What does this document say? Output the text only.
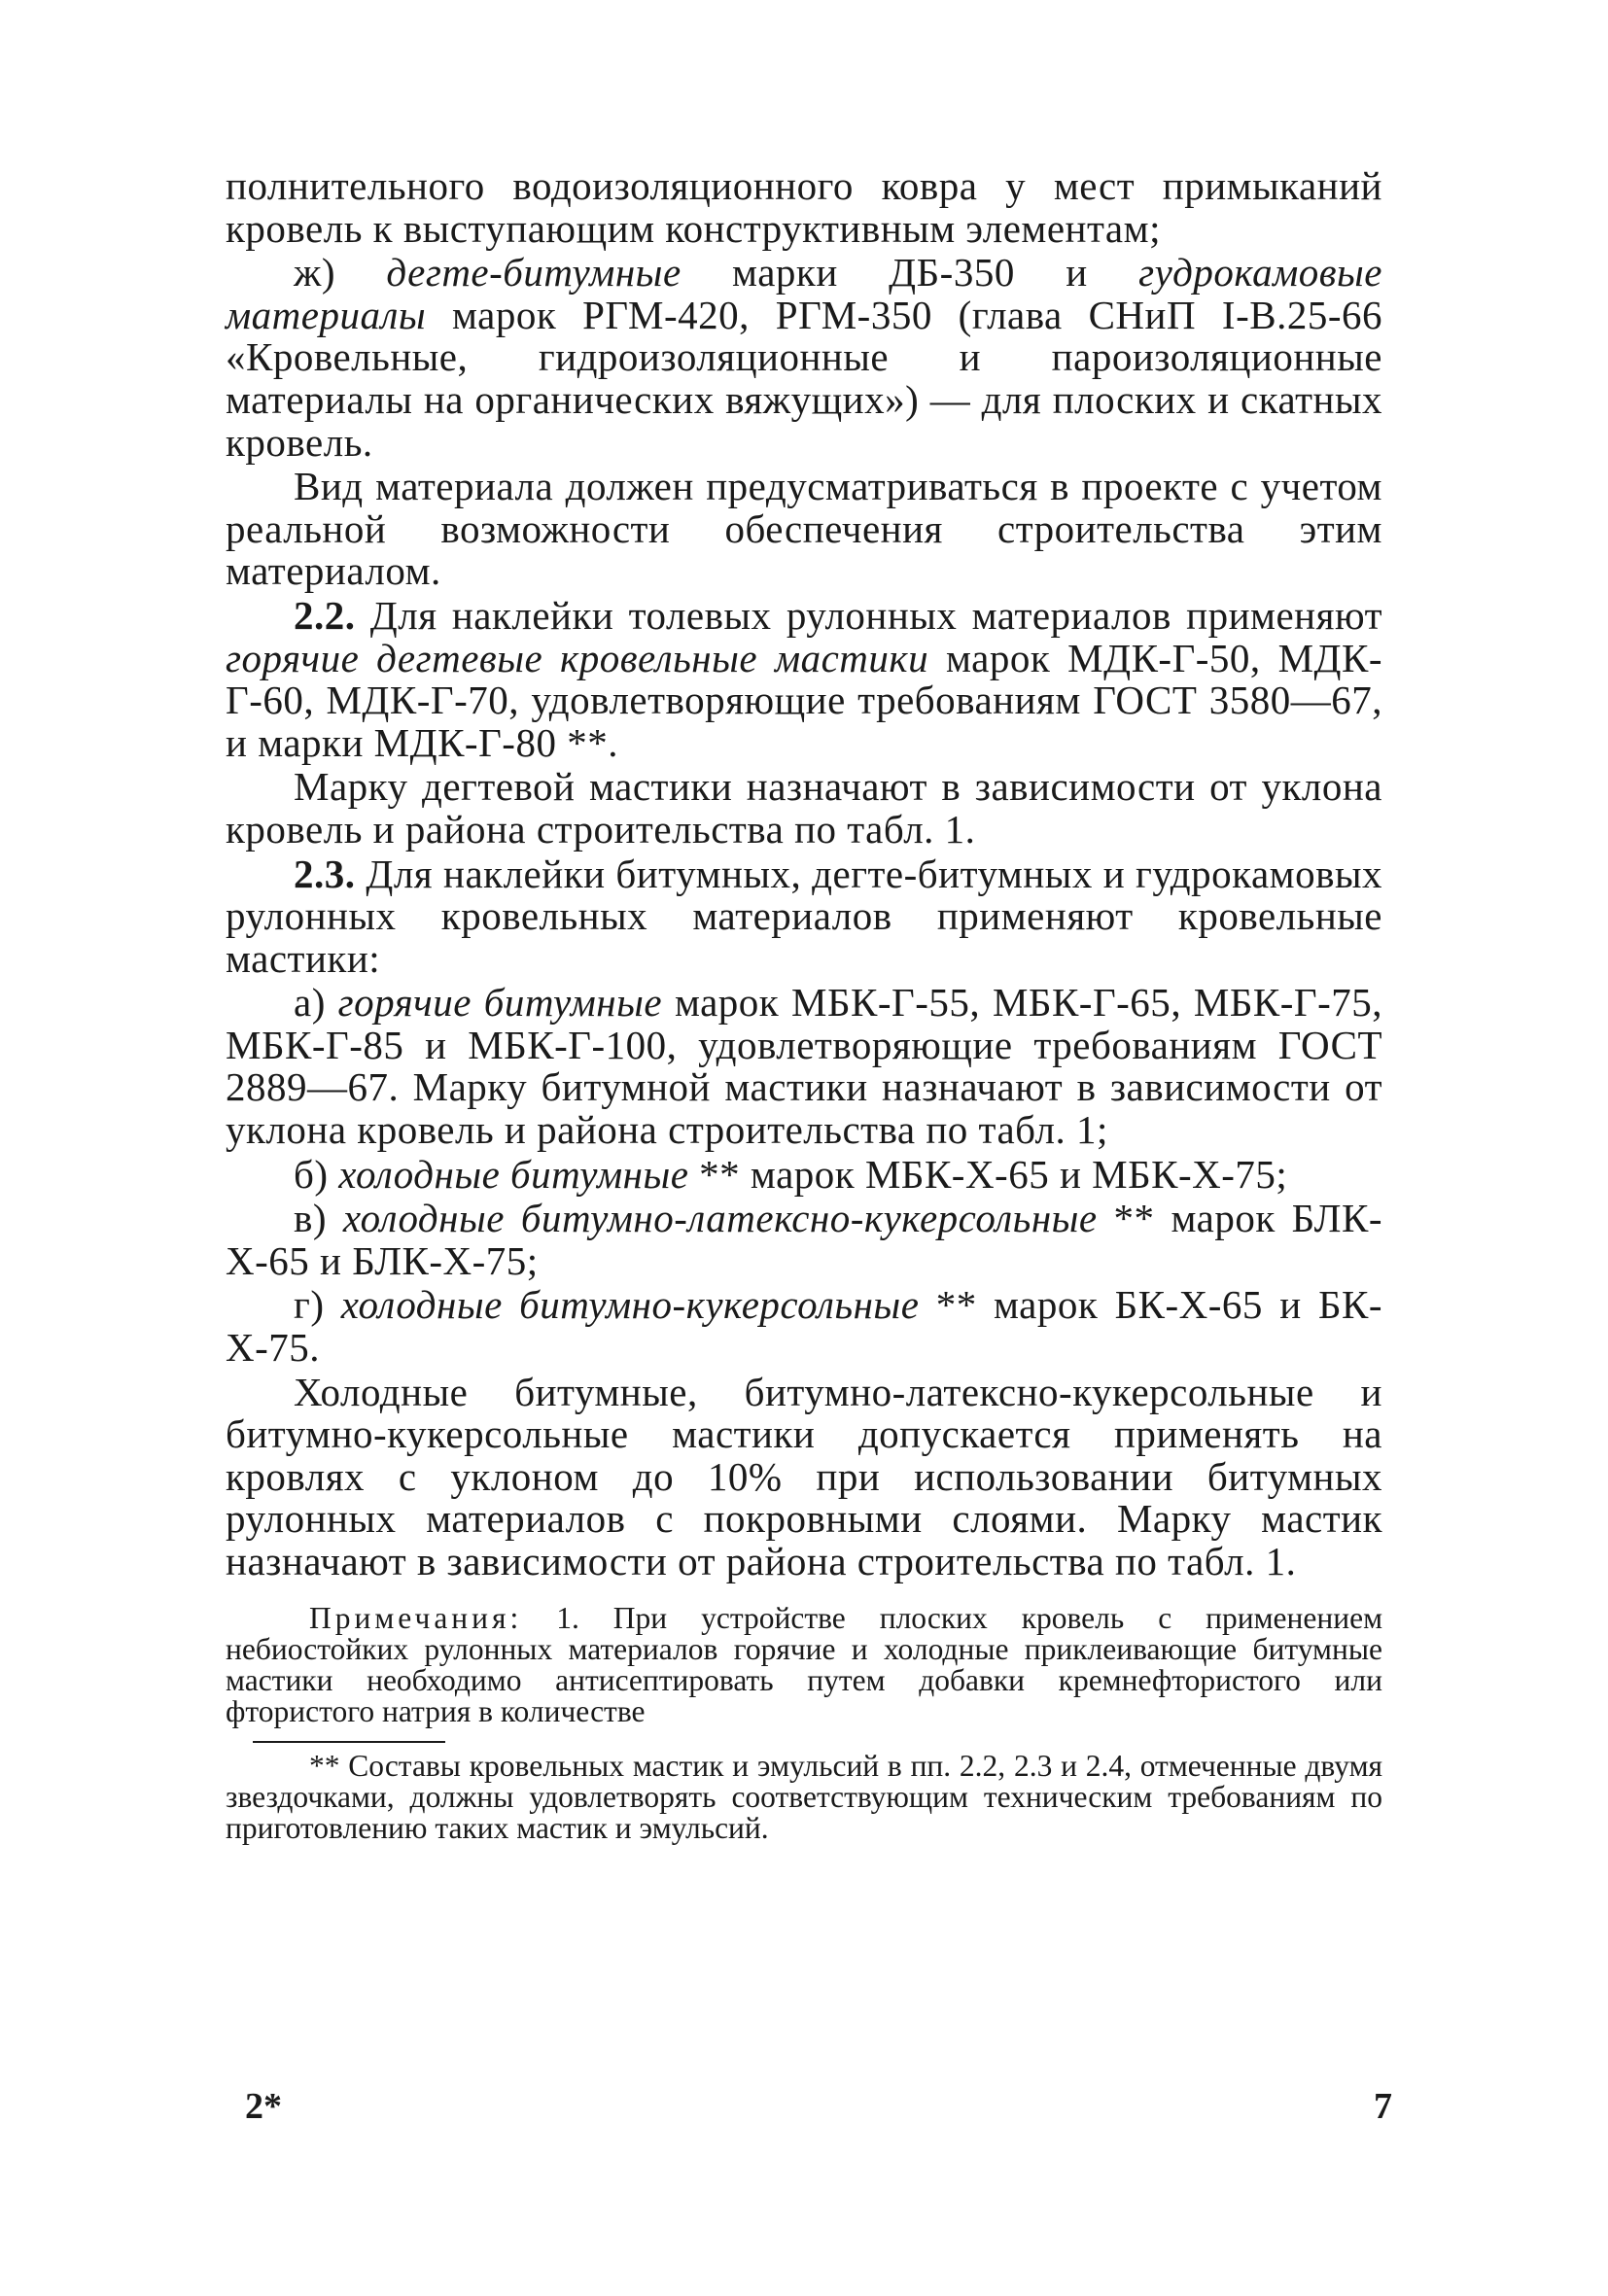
полнительного водоизоляционного ковра у мест примыканий кровель к выступающим конструктивным элементам;

ж) дегте-битумные марки ДБ-350 и гудрокамовые материалы марок РГМ-420, РГМ-350 (глава СНиП I-В.25-66 «Кровельные, гидроизоляционные и пароизоляционные материалы на органических вяжущих») — для плоских и скатных кровель.

Вид материала должен предусматриваться в проекте с учетом реальной возможности обеспечения строительства этим материалом.

2.2. Для наклейки толевых рулонных материалов применяют горячие дегтевые кровельные мастики марок МДК-Г-50, МДК-Г-60, МДК-Г-70, удовлетворяющие требованиям ГОСТ 3580—67, и марки МДК-Г-80 **.

Марку дегтевой мастики назначают в зависимости от уклона кровель и района строительства по табл. 1.

2.3. Для наклейки битумных, дегте-битумных и гудрокамовых рулонных кровельных материалов применяют кровельные мастики:

а) горячие битумные марок МБК-Г-55, МБК-Г-65, МБК-Г-75, МБК-Г-85 и МБК-Г-100, удовлетворяющие требованиям ГОСТ 2889—67. Марку битумной мастики назначают в зависимости от уклона кровель и района строительства по табл. 1;

б) холодные битумные ** марок МБК-Х-65 и МБК-Х-75;

в) холодные битумно-латексно-кукерсольные ** марок БЛК-Х-65 и БЛК-Х-75;

г) холодные битумно-кукерсольные ** марок БК-Х-65 и БК-Х-75.

Холодные битумные, битумно-латексно-кукерсольные и битумно-кукерсольные мастики допускается применять на кровлях с уклоном до 10% при использовании битумных рулонных материалов с покровными слоями. Марку мастик назначают в зависимости от района строительства по табл. 1.

Примечания: 1. При устройстве плоских кровель с применением небиостойких рулонных материалов горячие и холодные приклеивающие битумные мастики необходимо антисептировать путем добавки кремнефтористого или фтористого натрия в количестве

** Составы кровельных мастик и эмульсий в пп. 2.2, 2.3 и 2.4, отмеченные двумя звездочками, должны удовлетворять соответствующим техническим требованиям по приготовлению таких мастик и эмульсий.

2*	7
